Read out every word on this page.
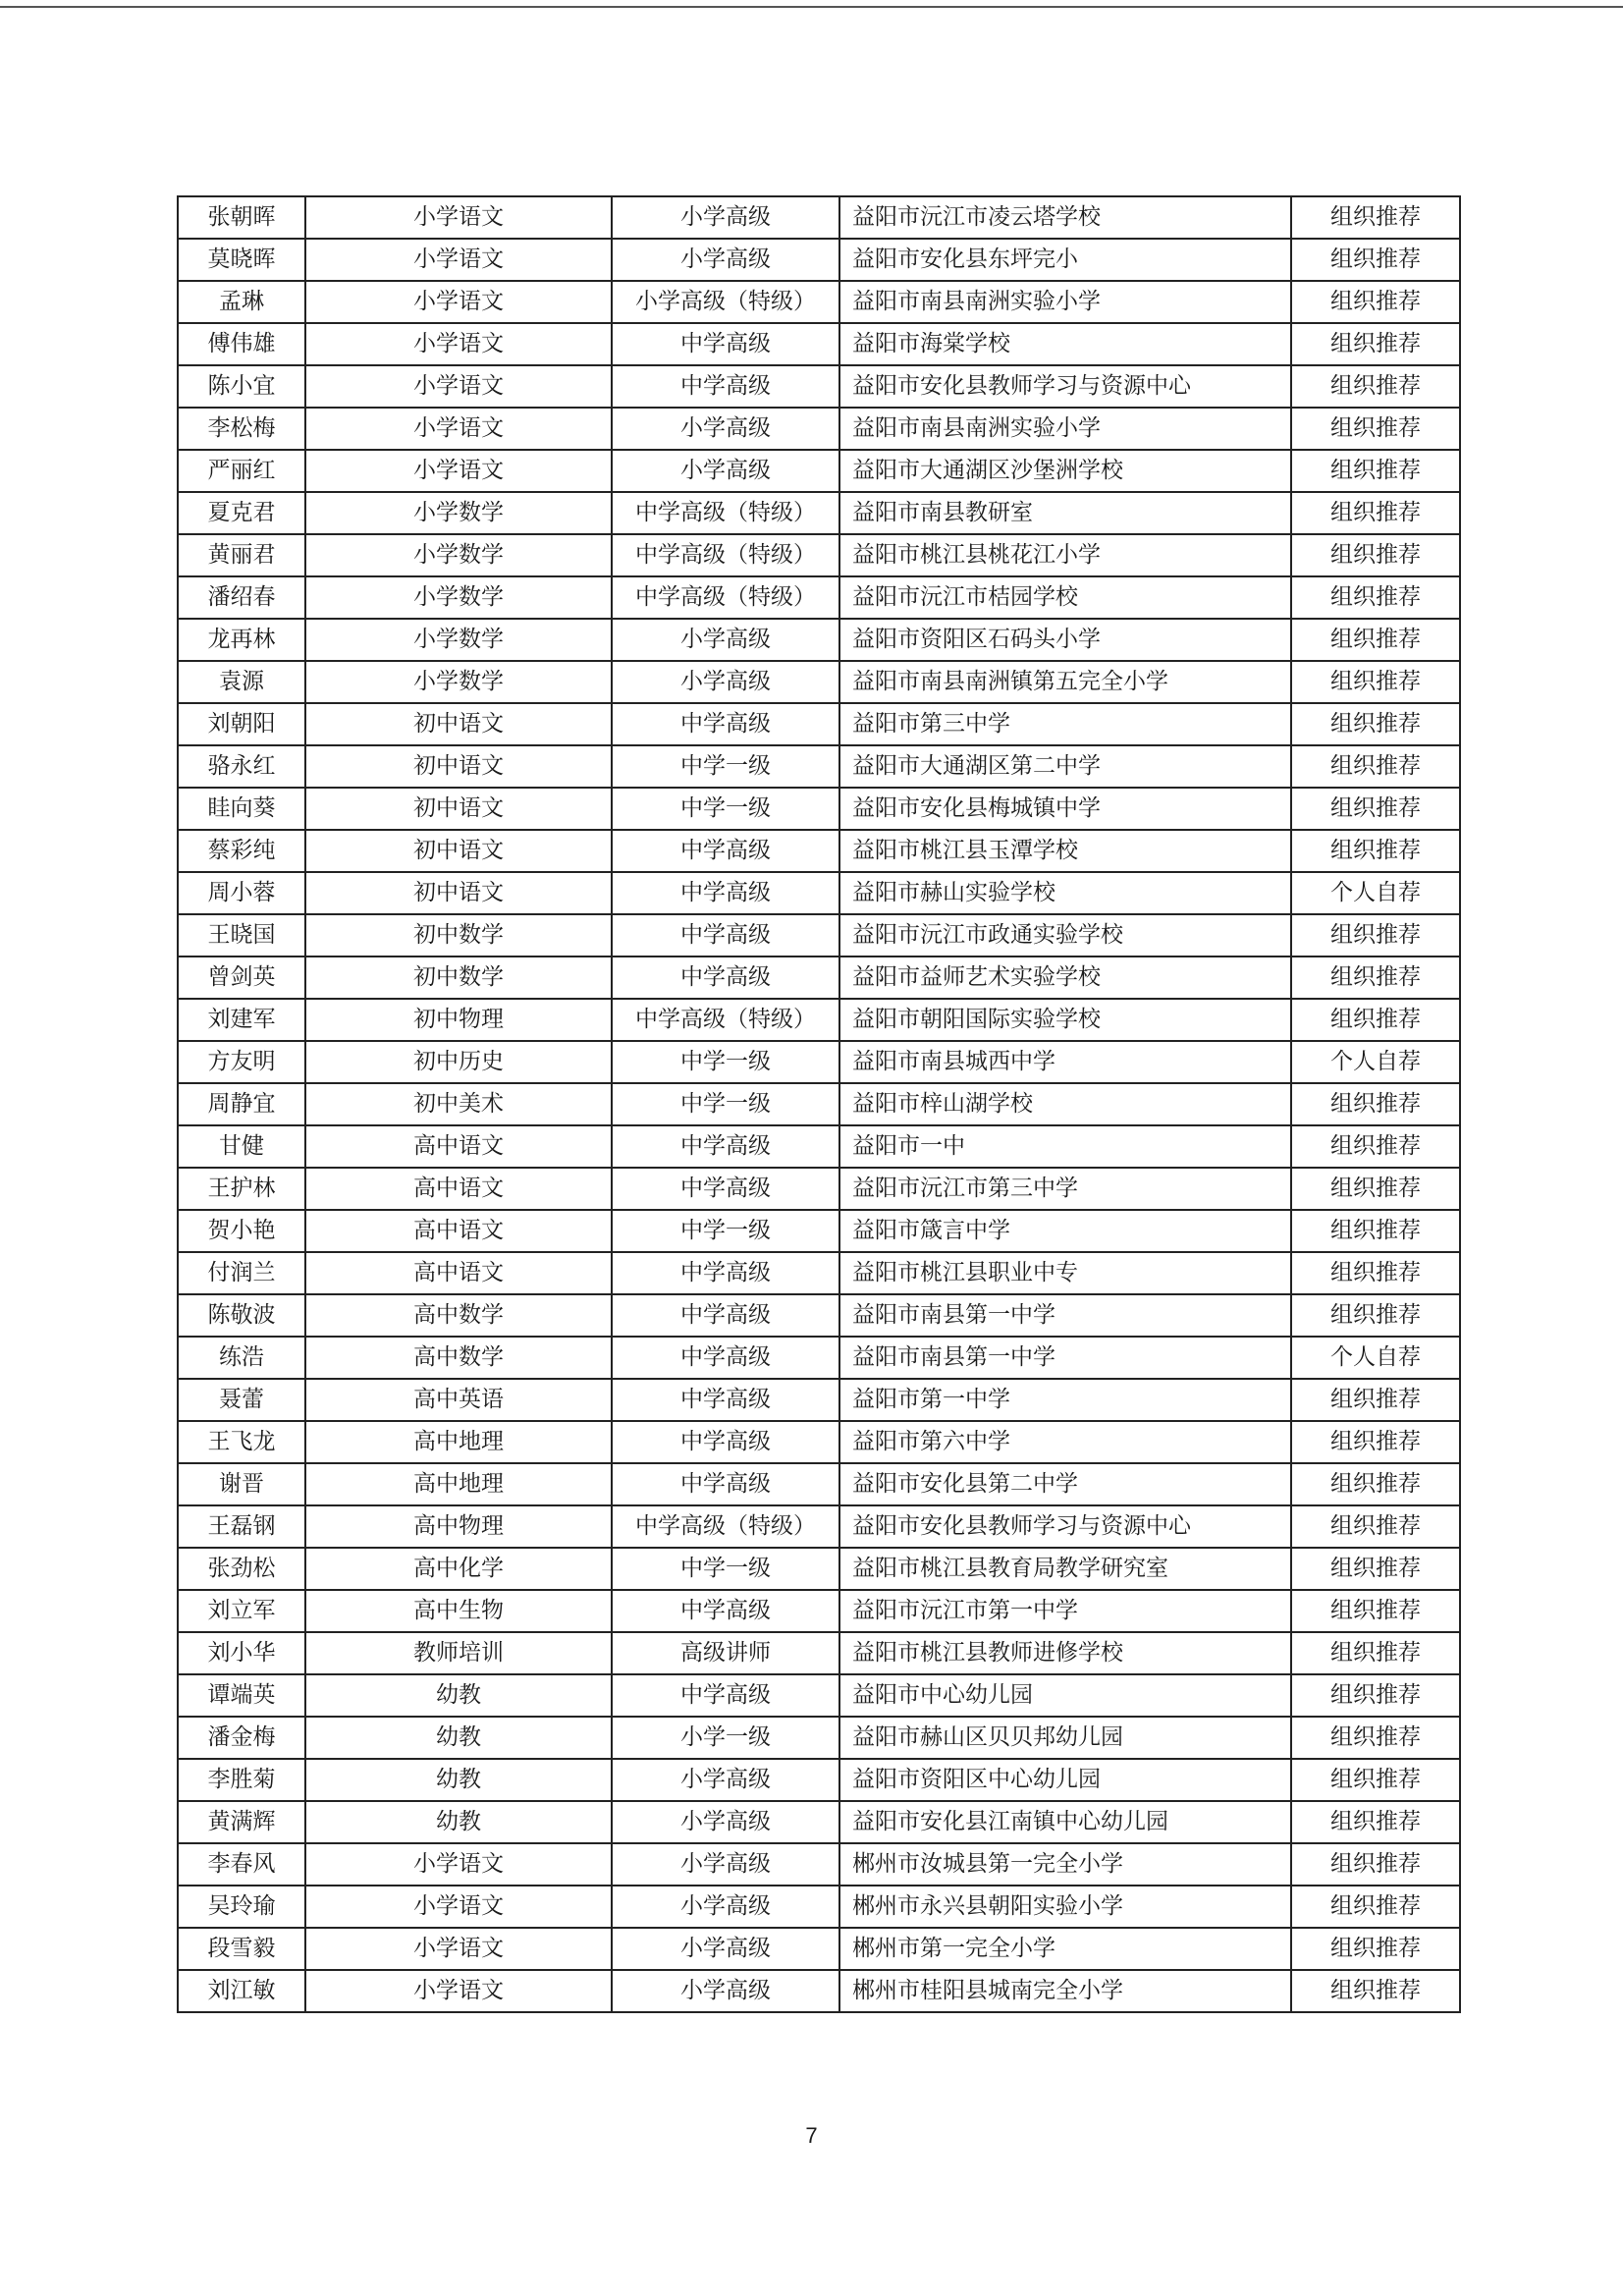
张朝晖	小学语文	小学高级	益阳市沅江市凌云塔学校	组织推荐
莫晓晖	小学语文	小学高级	益阳市安化县东坪完小	组织推荐
孟琳	小学语文	小学高级（特级）	益阳市南县南洲实验小学	组织推荐
傅伟雄	小学语文	中学高级	益阳市海棠学校	组织推荐
陈小宜	小学语文	中学高级	益阳市安化县教师学习与资源中心	组织推荐
李松梅	小学语文	小学高级	益阳市南县南洲实验小学	组织推荐
严丽红	小学语文	小学高级	益阳市大通湖区沙堡洲学校	组织推荐
夏克君	小学数学	中学高级（特级）	益阳市南县教研室	组织推荐
黄丽君	小学数学	中学高级（特级）	益阳市桃江县桃花江小学	组织推荐
潘绍春	小学数学	中学高级（特级）	益阳市沅江市桔园学校	组织推荐
龙再林	小学数学	小学高级	益阳市资阳区石码头小学	组织推荐
袁源	小学数学	小学高级	益阳市南县南洲镇第五完全小学	组织推荐
刘朝阳	初中语文	中学高级	益阳市第三中学	组织推荐
骆永红	初中语文	中学一级	益阳市大通湖区第二中学	组织推荐
眭向葵	初中语文	中学一级	益阳市安化县梅城镇中学	组织推荐
蔡彩纯	初中语文	中学高级	益阳市桃江县玉潭学校	组织推荐
周小蓉	初中语文	中学高级	益阳市赫山实验学校	个人自荐
王晓国	初中数学	中学高级	益阳市沅江市政通实验学校	组织推荐
曾剑英	初中数学	中学高级	益阳市益师艺术实验学校	组织推荐
刘建军	初中物理	中学高级（特级）	益阳市朝阳国际实验学校	组织推荐
方友明	初中历史	中学一级	益阳市南县城西中学	个人自荐
周静宜	初中美术	中学一级	益阳市梓山湖学校	组织推荐
甘健	高中语文	中学高级	益阳市一中	组织推荐
王护林	高中语文	中学高级	益阳市沅江市第三中学	组织推荐
贺小艳	高中语文	中学一级	益阳市箴言中学	组织推荐
付润兰	高中语文	中学高级	益阳市桃江县职业中专	组织推荐
陈敬波	高中数学	中学高级	益阳市南县第一中学	组织推荐
练浩	高中数学	中学高级	益阳市南县第一中学	个人自荐
聂蕾	高中英语	中学高级	益阳市第一中学	组织推荐
王飞龙	高中地理	中学高级	益阳市第六中学	组织推荐
谢晋	高中地理	中学高级	益阳市安化县第二中学	组织推荐
王磊钢	高中物理	中学高级（特级）	益阳市安化县教师学习与资源中心	组织推荐
张劲松	高中化学	中学一级	益阳市桃江县教育局教学研究室	组织推荐
刘立军	高中生物	中学高级	益阳市沅江市第一中学	组织推荐
刘小华	教师培训	高级讲师	益阳市桃江县教师进修学校	组织推荐
谭端英	幼教	中学高级	益阳市中心幼儿园	组织推荐
潘金梅	幼教	小学一级	益阳市赫山区贝贝邦幼儿园	组织推荐
李胜菊	幼教	小学高级	益阳市资阳区中心幼儿园	组织推荐
黄满辉	幼教	小学高级	益阳市安化县江南镇中心幼儿园	组织推荐
李春风	小学语文	小学高级	郴州市汝城县第一完全小学	组织推荐
吴玲瑜	小学语文	小学高级	郴州市永兴县朝阳实验小学	组织推荐
段雪毅	小学语文	小学高级	郴州市第一完全小学	组织推荐
刘江敏	小学语文	小学高级	郴州市桂阳县城南完全小学	组织推荐
7
